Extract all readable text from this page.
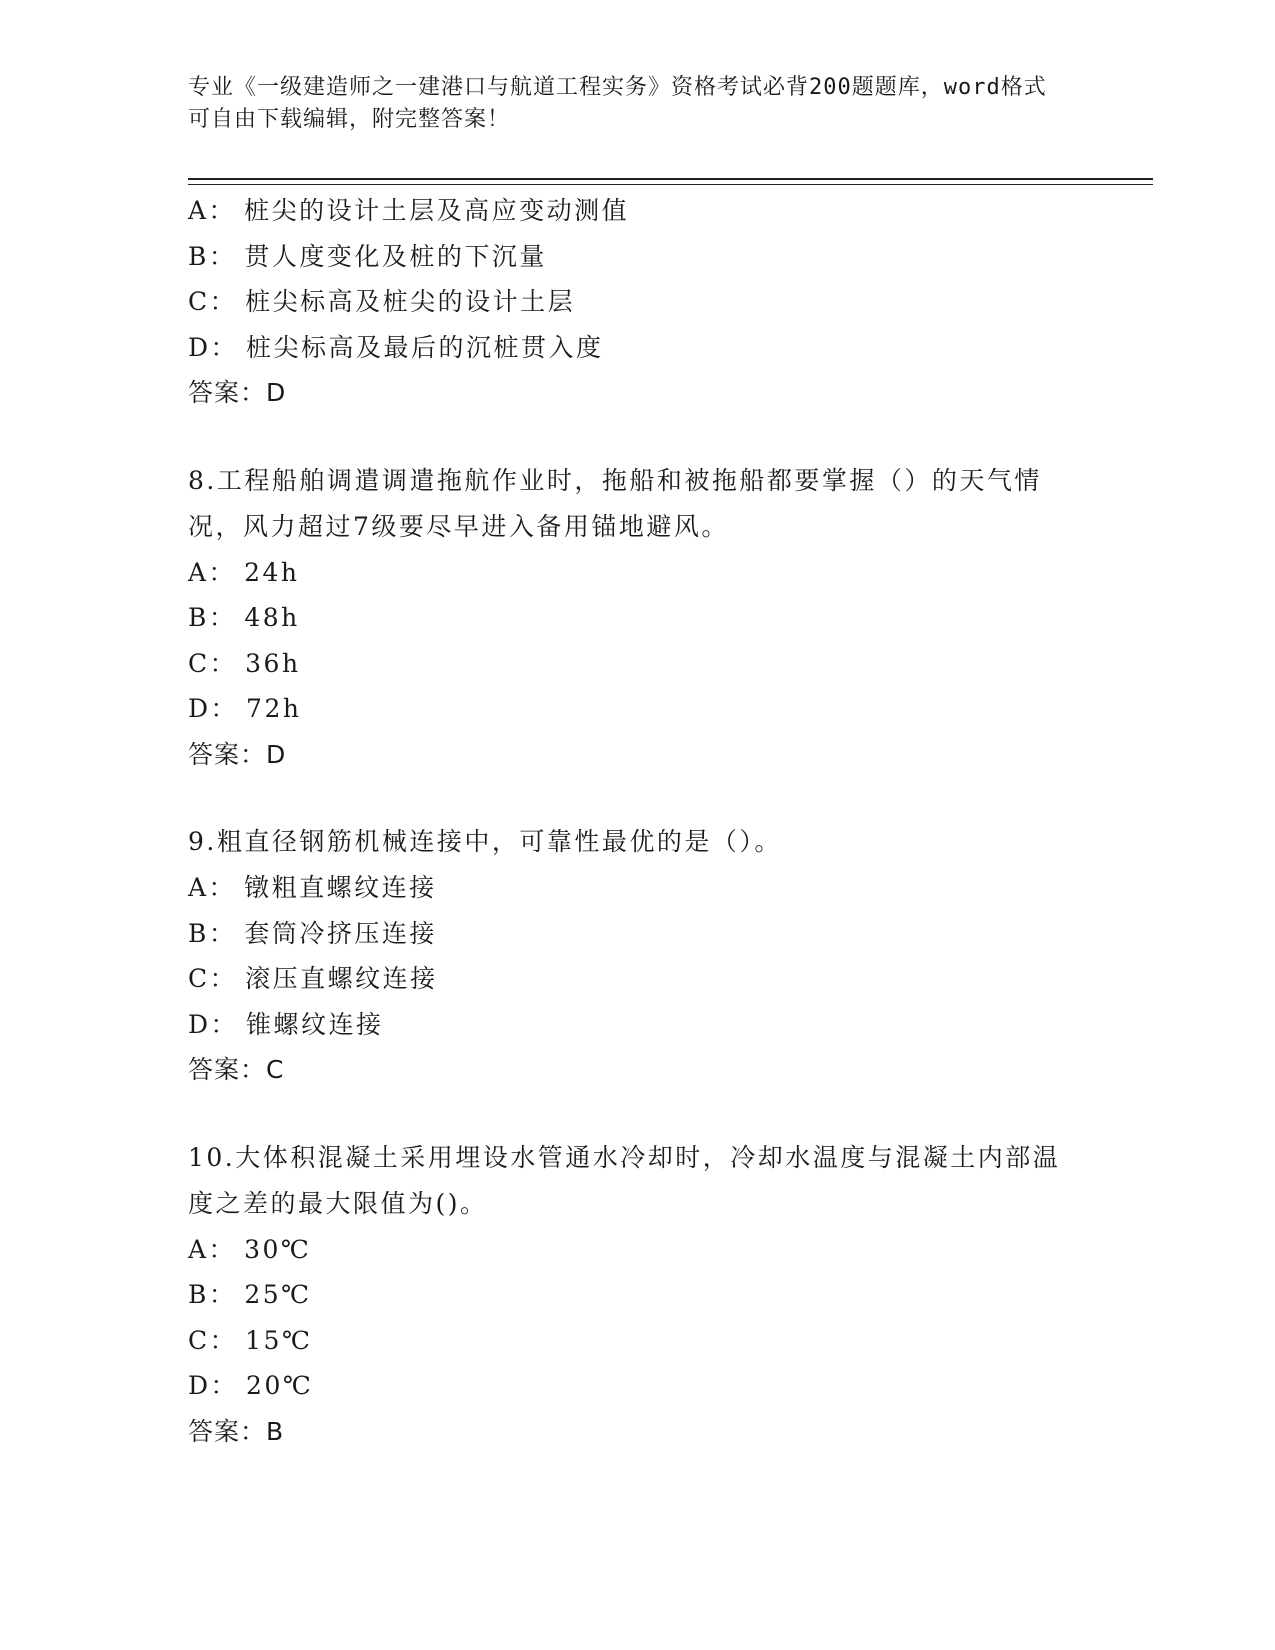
专业《一级建造师之一建港口与航道工程实务》资格考试必背200题题库，word格式可自由下载编辑，附完整答案！
A： 桩尖的设计土层及高应变动测值
B： 贯人度变化及桩的下沉量
C： 桩尖标高及桩尖的设计土层
D： 桩尖标高及最后的沉桩贯入度
答案：D
8.工程船舶调遣调遣拖航作业时，拖船和被拖船都要掌握（）的天气情况，风力超过7级要尽早进入备用锚地避风。
A： 24h
B： 48h
C： 36h
D： 72h
答案：D
9.粗直径钢筋机械连接中，可靠性最优的是（）。
A： 镦粗直螺纹连接
B： 套筒冷挤压连接
C： 滚压直螺纹连接
D： 锥螺纹连接
答案：C
10.大体积混凝土采用埋设水管通水冷却时，冷却水温度与混凝土内部温度之差的最大限值为()。
A： 30℃
B： 25℃
C： 15℃
D： 20℃
答案：B
